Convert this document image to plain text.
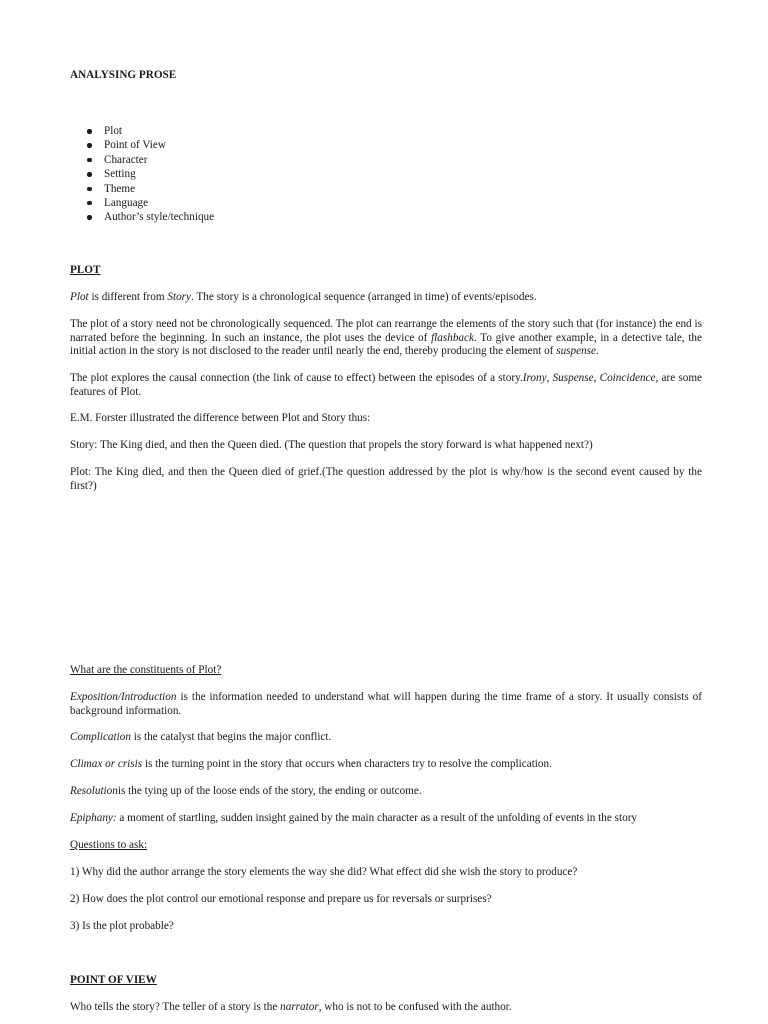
ANALYSING PROSE

Plot
Point of View
Character
Setting
Theme
Language
Author’s style/technique

PLOT

Plot is different from Story. The story is a chronological sequence (arranged in time) of events/episodes.

The plot of a story need not be chronologically sequenced. The plot can rearrange the elements of the story such that (for instance) the end is narrated before the beginning. In such an instance, the plot uses the device of flashback. To give another example, in a detective tale, the initial action in the story is not disclosed to the reader until nearly the end, thereby producing the element of suspense.

The plot explores the causal connection (the link of cause to effect) between the episodes of a story.Irony, Suspense, Coincidence, are some features of Plot.

E.M. Forster illustrated the difference between Plot and Story thus:

Story: The King died, and then the Queen died. (The question that propels the story forward is what happened next?)

Plot: The King died, and then the Queen died of grief.(The question addressed by the plot is why/how is the second event caused by the first?)

What are the constituents of Plot?

Exposition/Introduction is the information needed to understand what will happen during the time frame of a story. It usually consists of background information.

Complication is the catalyst that begins the major conflict.

Climax or crisis is the turning point in the story that occurs when characters try to resolve the complication.

Resolutionis the tying up of the loose ends of the story, the ending or outcome.

Epiphany: a moment of startling, sudden insight gained by the main character as a result of the unfolding of events in the story

Questions to ask:

1) Why did the author arrange the story elements the way she did? What effect did she wish the story to produce?

2) How does the plot control our emotional response and prepare us for reversals or surprises?

3) Is the plot probable?

POINT OF VIEW

Who tells the story? The teller of a story is the narrator, who is not to be confused with the author.
